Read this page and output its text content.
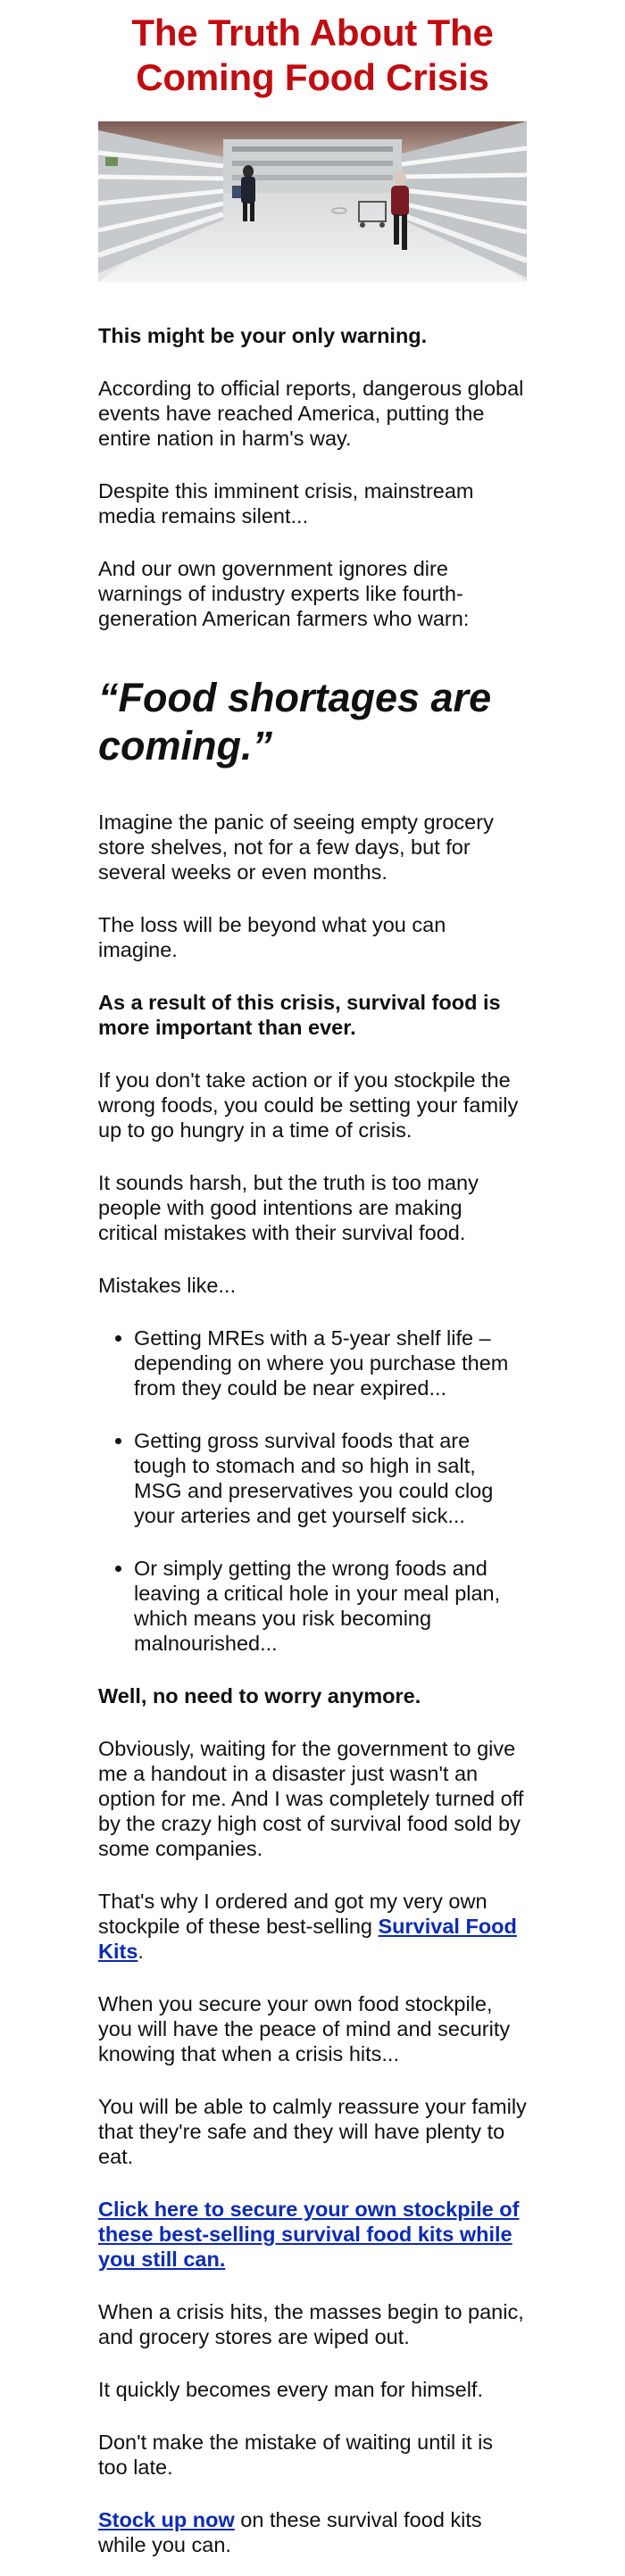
The Truth About The Coming Food Crisis

This might be your only warning.

According to official reports, dangerous global events have reached America, putting the entire nation in harm's way.

Despite this imminent crisis, mainstream media remains silent...

And our own government ignores dire warnings of industry experts like fourth-generation American farmers who warn:

“Food shortages are coming.”

Imagine the panic of seeing empty grocery store shelves, not for a few days, but for several weeks or even months.

The loss will be beyond what you can imagine.

As a result of this crisis, survival food is more important than ever.

If you don't take action or if you stockpile the wrong foods, you could be setting your family up to go hungry in a time of crisis.

It sounds harsh, but the truth is too many people with good intentions are making critical mistakes with their survival food.

Mistakes like...

• Getting MREs with a 5-year shelf life – depending on where you purchase them from they could be near expired...
• Getting gross survival foods that are tough to stomach and so high in salt, MSG and preservatives you could clog your arteries and get yourself sick...
• Or simply getting the wrong foods and leaving a critical hole in your meal plan, which means you risk becoming malnourished...

Well, no need to worry anymore.

Obviously, waiting for the government to give me a handout in a disaster just wasn't an option for me. And I was completely turned off by the crazy high cost of survival food sold by some companies.

That's why I ordered and got my very own stockpile of these best-selling Survival Food Kits.

When you secure your own food stockpile, you will have the peace of mind and security knowing that when a crisis hits...

You will be able to calmly reassure your family that they're safe and they will have plenty to eat.

Click here to secure your own stockpile of these best-selling survival food kits while you still can.

When a crisis hits, the masses begin to panic, and grocery stores are wiped out.

It quickly becomes every man for himself.

Don't make the mistake of waiting until it is too late.

Stock up now on these survival food kits while you can.
